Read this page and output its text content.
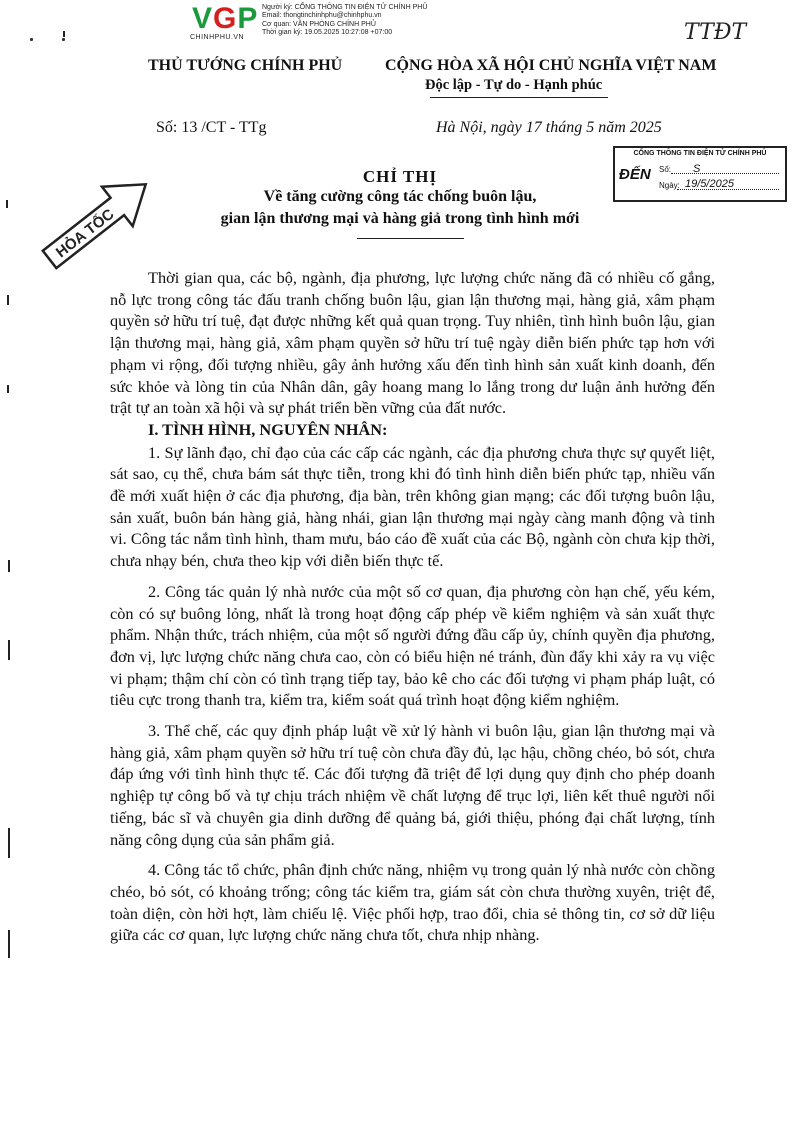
VGP
CHINHPHU.VN
Người ký: CỔNG THÔNG TIN ĐIỆN TỬ CHÍNH PHỦ
Email: thongtinchinhphu@chinhphu.vn
Cơ quan: VĂN PHÒNG CHÍNH PHỦ
Thời gian ký: 19.05.2025 10:27:08 +07:00	TTĐT
THỦ TƯỚNG CHÍNH PHỦ	CỘNG HÒA XÃ HỘI CHỦ NGHĨA VIỆT NAM
Độc lập - Tự do - Hạnh phúc
Số: 13 /CT - TTg	Hà Nội, ngày 17 tháng 5 năm 2025
CỔNG THÔNG TIN ĐIỆN TỬ CHÍNH PHỦ
ĐẾN Số: S
Ngày: 19/5/2025
HỎA TỐC
CHỈ THỊ
Về tăng cường công tác chống buôn lậu,
gian lận thương mại và hàng giả trong tình hình mới

Thời gian qua, các bộ, ngành, địa phương, lực lượng chức năng đã có nhiều cố gắng, nỗ lực trong công tác đấu tranh chống buôn lậu, gian lận thương mại, hàng giả, xâm phạm quyền sở hữu trí tuệ, đạt được những kết quả quan trọng. Tuy nhiên, tình hình buôn lậu, gian lận thương mại, hàng giả, xâm phạm quyền sở hữu trí tuệ ngày diễn biến phức tạp hơn với phạm vi rộng, đối tượng nhiều, gây ảnh hưởng xấu đến tình hình sản xuất kinh doanh, đến sức khỏe và lòng tin của Nhân dân, gây hoang mang lo lắng trong dư luận ảnh hưởng đến trật tự an toàn xã hội và sự phát triển bền vững của đất nước.

I. TÌNH HÌNH, NGUYÊN NHÂN:

1. Sự lãnh đạo, chỉ đạo của các cấp các ngành, các địa phương chưa thực sự quyết liệt, sát sao, cụ thể, chưa bám sát thực tiễn, trong khi đó tình hình diễn biến phức tạp, nhiều vấn đề mới xuất hiện ở các địa phương, địa bàn, trên không gian mạng; các đối tượng buôn lậu, sản xuất, buôn bán hàng giả, hàng nhái, gian lận thương mại ngày càng manh động và tinh vi. Công tác nắm tình hình, tham mưu, báo cáo đề xuất của các Bộ, ngành còn chưa kịp thời, chưa nhạy bén, chưa theo kịp với diễn biến thực tế.

2. Công tác quản lý nhà nước của một số cơ quan, địa phương còn hạn chế, yếu kém, còn có sự buông lỏng, nhất là trong hoạt động cấp phép về kiểm nghiệm và sản xuất thực phẩm. Nhận thức, trách nhiệm, của một số người đứng đầu cấp ủy, chính quyền địa phương, đơn vị, lực lượng chức năng chưa cao, còn có biểu hiện né tránh, đùn đẩy khi xảy ra vụ việc vi phạm; thậm chí còn có tình trạng tiếp tay, bảo kê cho các đối tượng vi phạm pháp luật, có tiêu cực trong thanh tra, kiểm tra, kiểm soát quá trình hoạt động kiểm nghiệm.

3. Thể chế, các quy định pháp luật về xử lý hành vi buôn lậu, gian lận thương mại và hàng giả, xâm phạm quyền sở hữu trí tuệ còn chưa đầy đủ, lạc hậu, chồng chéo, bỏ sót, chưa đáp ứng với tình hình thực tế. Các đối tượng đã triệt để lợi dụng quy định cho phép doanh nghiệp tự công bố và tự chịu trách nhiệm về chất lượng để trục lợi, liên kết thuê người nổi tiếng, bác sĩ và chuyên gia dinh dưỡng để quảng bá, giới thiệu, phóng đại chất lượng, tính năng công dụng của sản phẩm giả.

4. Công tác tổ chức, phân định chức năng, nhiệm vụ trong quản lý nhà nước còn chồng chéo, bỏ sót, có khoảng trống; công tác kiểm tra, giám sát còn chưa thường xuyên, triệt để, toàn diện, còn hời hợt, làm chiếu lệ. Việc phối hợp, trao đổi, chia sẻ thông tin, cơ sở dữ liệu giữa các cơ quan, lực lượng chức năng chưa tốt, chưa nhịp nhàng.
